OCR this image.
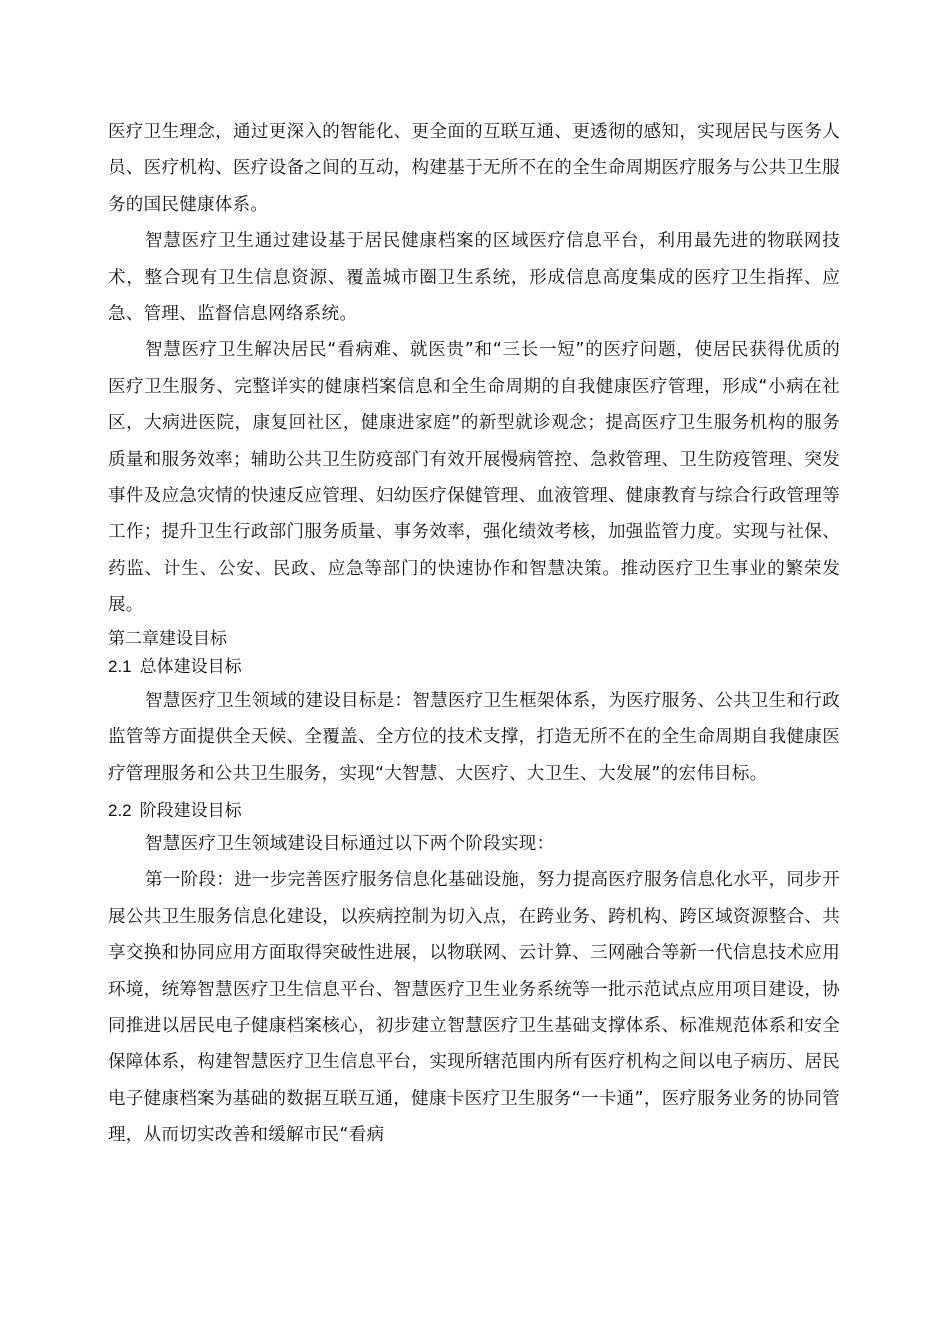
医疗卫生理念，通过更深入的智能化、更全面的互联互通、更透彻的感知，实现居民与医务人员、医疗机构、医疗设备之间的互动，构建基于无所不在的全生命周期医疗服务与公共卫生服务的国民健康体系。

智慧医疗卫生通过建设基于居民健康档案的区域医疗信息平台，利用最先进的物联网技术，整合现有卫生信息资源、覆盖城市圈卫生系统，形成信息高度集成的医疗卫生指挥、应急、管理、监督信息网络系统。

智慧医疗卫生解决居民“看病难、就医贵”和“三长一短”的医疗问题，使居民获得优质的医疗卫生服务、完整详实的健康档案信息和全生命周期的自我健康医疗管理，形成“小病在社区，大病进医院，康复回社区，健康进家庭”的新型就诊观念；提高医疗卫生服务机构的服务质量和服务效率；辅助公共卫生防疫部门有效开展慢病管控、急救管理、卫生防疫管理、突发事件及应急灾情的快速反应管理、妇幼医疗保健管理、血液管理、健康教育与综合行政管理等工作；提升卫生行政部门服务质量、事务效率，强化绩效考核，加强监管力度。实现与社保、药监、计生、公安、民政、应急等部门的快速协作和智慧决策。推动医疗卫生事业的繁荣发展。

第二章建设目标

2.1 总体建设目标

智慧医疗卫生领域的建设目标是：智慧医疗卫生框架体系，为医疗服务、公共卫生和行政监管等方面提供全天候、全覆盖、全方位的技术支撑，打造无所不在的全生命周期自我健康医疗管理服务和公共卫生服务，实现“大智慧、大医疗、大卫生、大发展”的宏伟目标。

2.2 阶段建设目标

智慧医疗卫生领域建设目标通过以下两个阶段实现：

第一阶段：进一步完善医疗服务信息化基础设施，努力提高医疗服务信息化水平，同步开展公共卫生服务信息化建设，以疾病控制为切入点，在跨业务、跨机构、跨区域资源整合、共享交换和协同应用方面取得突破性进展，以物联网、云计算、三网融合等新一代信息技术应用环境，统筹智慧医疗卫生信息平台、智慧医疗卫生业务系统等一批示范试点应用项目建设，协同推进以居民电子健康档案核心，初步建立智慧医疗卫生基础支撑体系、标准规范体系和安全保障体系，构建智慧医疗卫生信息平台，实现所辖范围内所有医疗机构之间以电子病历、居民电子健康档案为基础的数据互联互通，健康卡医疗卫生服务“一卡通”，医疗服务业务的协同管理，从而切实改善和缓解市民“看病
